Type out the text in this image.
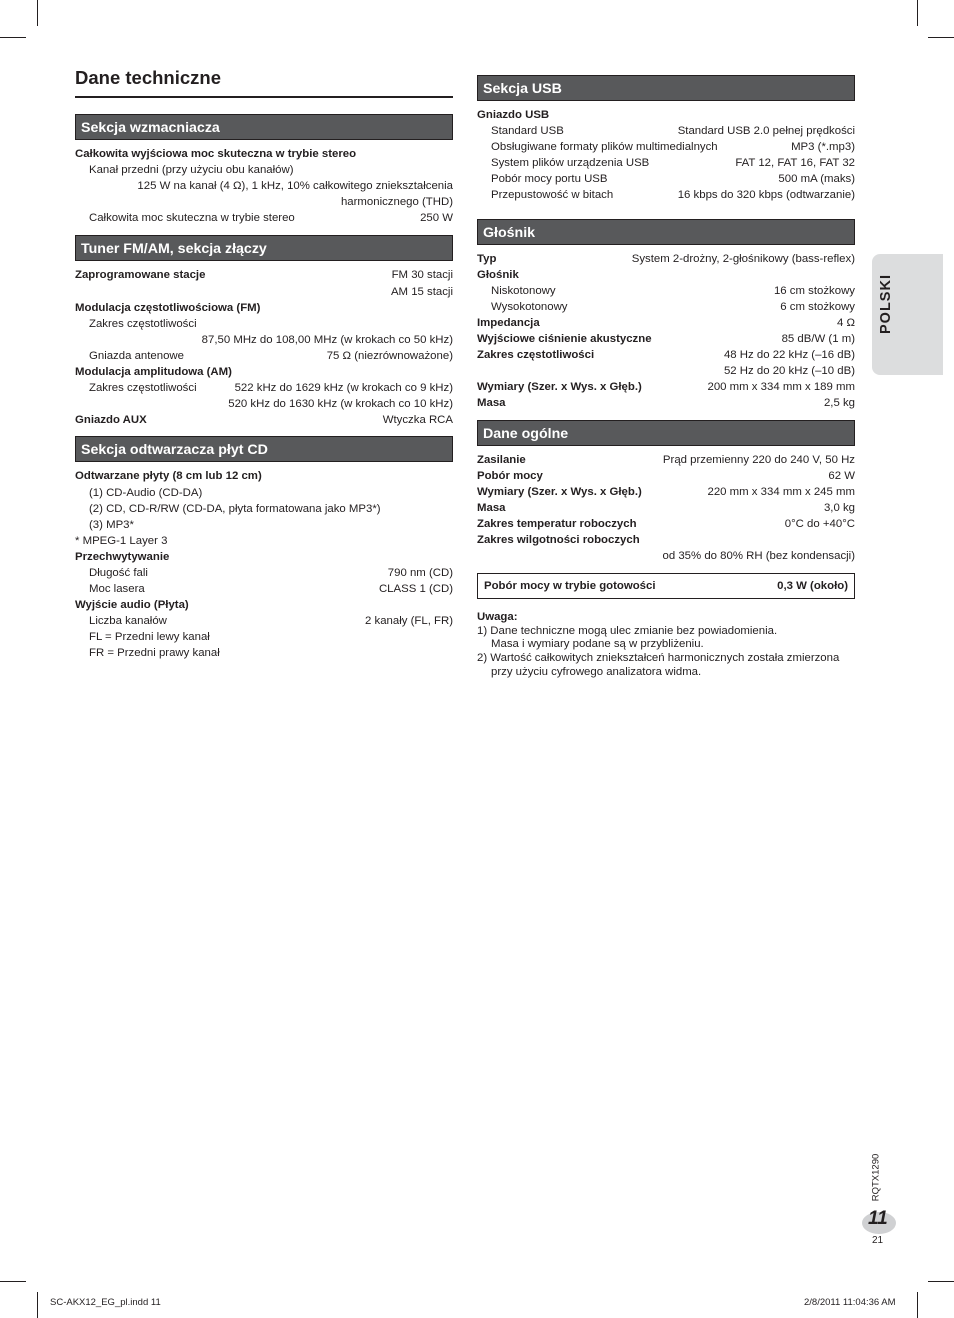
Dane techniczne
Sekcja wzmacniacza
Całkowita wyjściowa moc skuteczna w trybie stereo
Kanał przedni (przy użyciu obu kanałów)
125 W na kanał (4 Ω), 1 kHz, 10% całkowitego zniekształcenia
harmonicznego (THD)
Całkowita moc skuteczna w trybie stereo	250 W
Tuner FM/AM, sekcja złączy
Zaprogramowane stacje	FM 30 stacji
AM 15 stacji
Modulacja częstotliwościowa (FM)
Zakres częstotliwości
87,50 MHz do 108,00 MHz (w krokach co 50 kHz)
Gniazda antenowe	75 Ω (niezrównoważone)
Modulacja amplitudowa (AM)
Zakres częstotliwości	522 kHz do 1629 kHz (w krokach co 9 kHz)
520 kHz do 1630 kHz (w krokach co 10 kHz)
Gniazdo AUX	Wtyczka RCA
Sekcja odtwarzacza płyt CD
Odtwarzane płyty (8 cm lub 12 cm)
(1) CD-Audio (CD-DA)
(2) CD, CD-R/RW (CD-DA, płyta formatowana jako MP3*)
(3) MP3*
* MPEG-1 Layer 3
Przechwytywanie
Długość fali	790 nm (CD)
Moc lasera	CLASS 1 (CD)
Wyjście audio (Płyta)
Liczba kanałów	2 kanały (FL, FR)
FL = Przedni lewy kanał
FR = Przedni prawy kanał
Sekcja USB
Gniazdo USB
Standard USB	Standard USB 2.0 pełnej prędkości
Obsługiwane formaty plików multimedialnych	MP3 (*.mp3)
System plików urządzenia USB	FAT 12, FAT 16, FAT 32
Pobór mocy portu USB	500 mA (maks)
Przepustowość w bitach	16 kbps do 320 kbps (odtwarzanie)
Głośnik
Typ	System 2-drożny, 2-głośnikowy (bass-reflex)
Głośnik
Niskotonowy	16 cm stożkowy
Wysokotonowy	6 cm stożkowy
Impedancja	4 Ω
Wyjściowe ciśnienie akustyczne	85 dB/W (1 m)
Zakres częstotliwości	48 Hz do 22 kHz (–16 dB)
52 Hz do 20 kHz (–10 dB)
Wymiary (Szer. x Wys. x Głęb.)	200 mm x 334 mm x 189 mm
Masa	2,5 kg
Dane ogólne
Zasilanie	Prąd przemienny 220 do 240 V, 50 Hz
Pobór mocy	62 W
Wymiary (Szer. x Wys. x Głęb.)	220 mm x 334 mm x 245 mm
Masa	3,0 kg
Zakres temperatur roboczych	0°C do +40°C
Zakres wilgotności roboczych
od 35% do 80% RH (bez kondensacji)
Pobór mocy w trybie gotowości	0,3 W (około)
Uwaga:
1) Dane techniczne mogą ulec zmianie bez powiadomienia.
Masa i wymiary podane są w przybliżeniu.
2) Wartość całkowitych zniekształceń harmonicznych została zmierzona
przy użyciu cyfrowego analizatora widma.
POLSKI
RQTX1290
11
21
SC-AKX12_EG_pl.indd 11	2/8/2011 11:04:36 AM
